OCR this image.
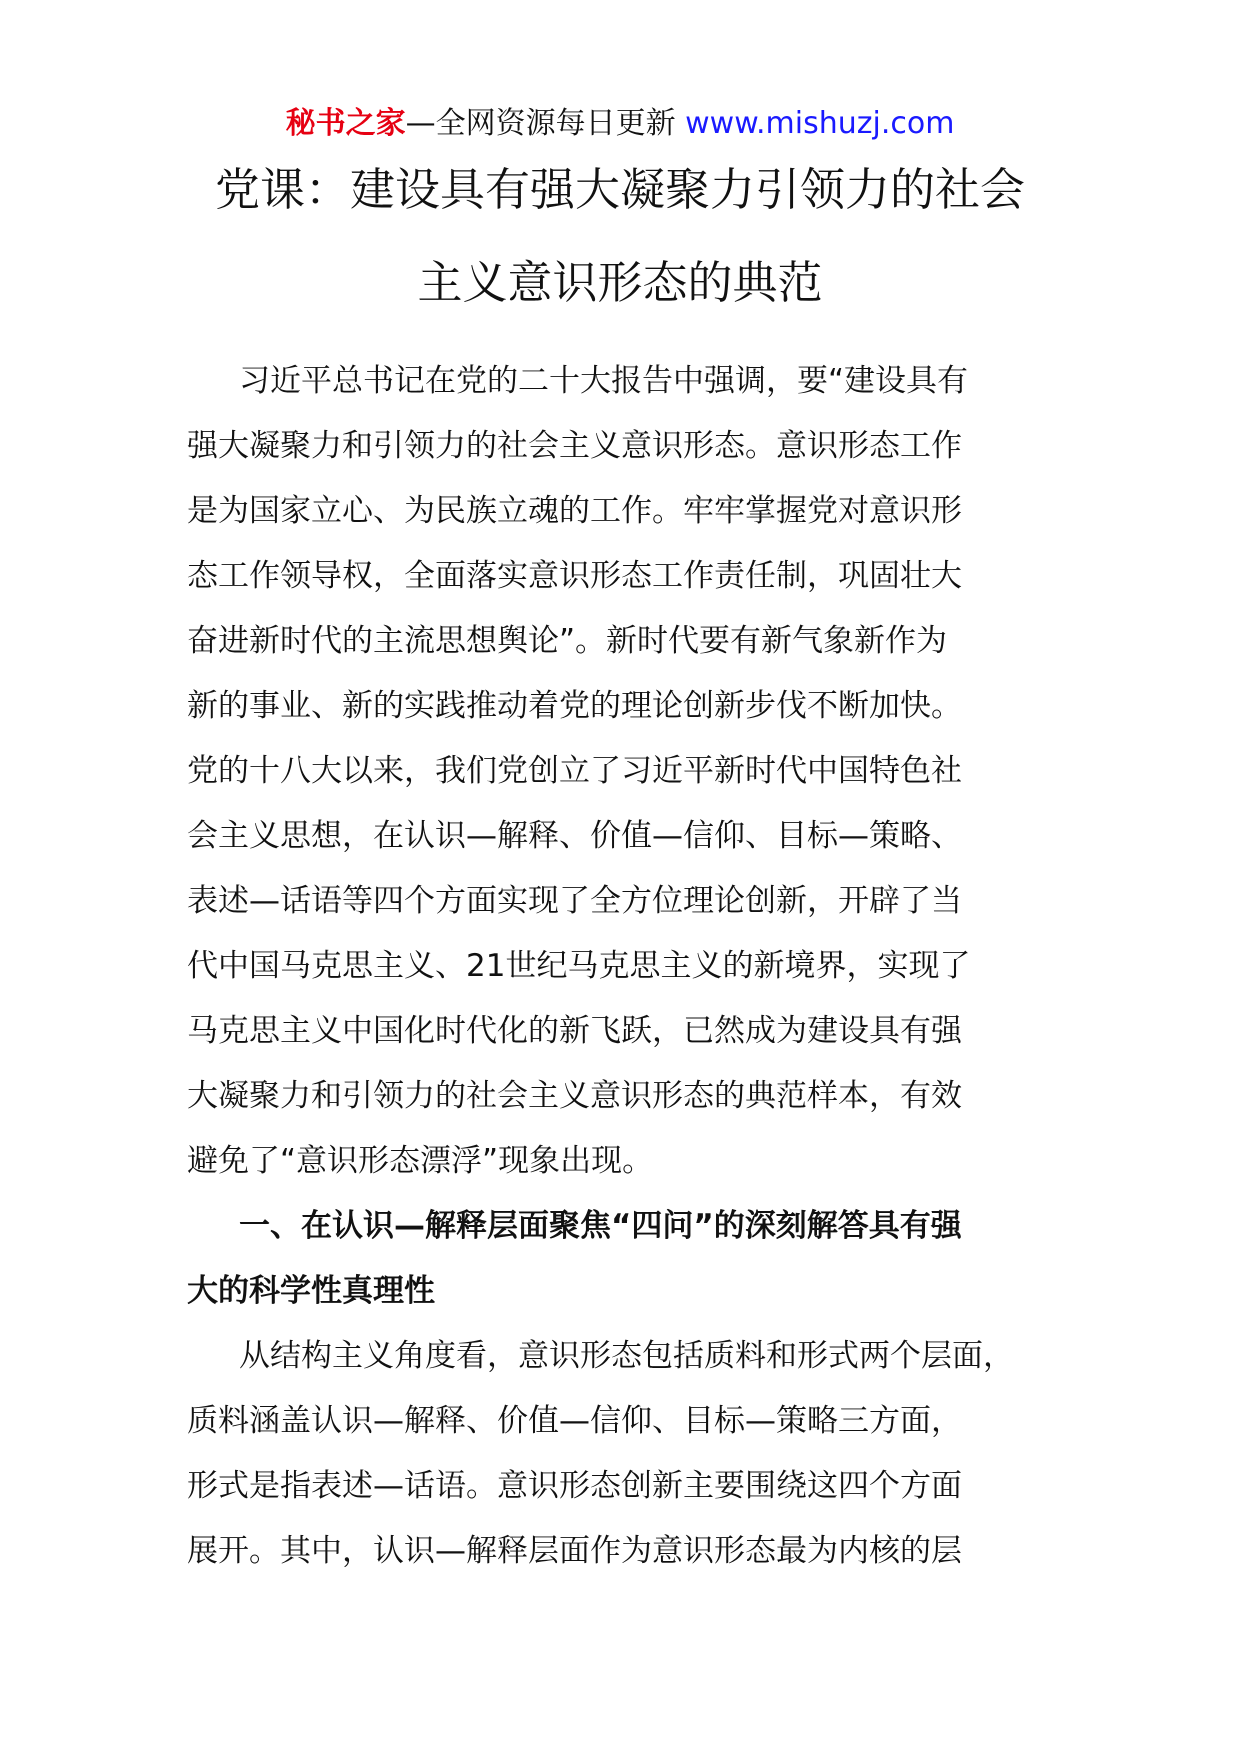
秘书之家—全网资源每日更新 www.mishuzj.com
党课：建设具有强大凝聚力引领力的社会
主义意识形态的典范
习近平总书记在党的二十大报告中强调，要“建设具有
强大凝聚力和引领力的社会主义意识形态。意识形态工作
是为国家立心、为民族立魂的工作。牢牢掌握党对意识形
态工作领导权，全面落实意识形态工作责任制，巩固壮大
奋进新时代的主流思想舆论”。新时代要有新气象新作为
新的事业、新的实践推动着党的理论创新步伐不断加快。
党的十八大以来，我们党创立了习近平新时代中国特色社
会主义思想，在认识—解释、价值—信仰、目标—策略、
表述—话语等四个方面实现了全方位理论创新，开辟了当
代中国马克思主义、21世纪马克思主义的新境界，实现了
马克思主义中国化时代化的新飞跃，已然成为建设具有强
大凝聚力和引领力的社会主义意识形态的典范样本，有效
避免了“意识形态漂浮”现象出现。
一、在认识—解释层面聚焦“四问”的深刻解答具有强
大的科学性真理性
从结构主义角度看，意识形态包括质料和形式两个层面，
质料涵盖认识—解释、价值—信仰、目标—策略三方面，
形式是指表述—话语。意识形态创新主要围绕这四个方面
展开。其中，认识—解释层面作为意识形态最为内核的层
